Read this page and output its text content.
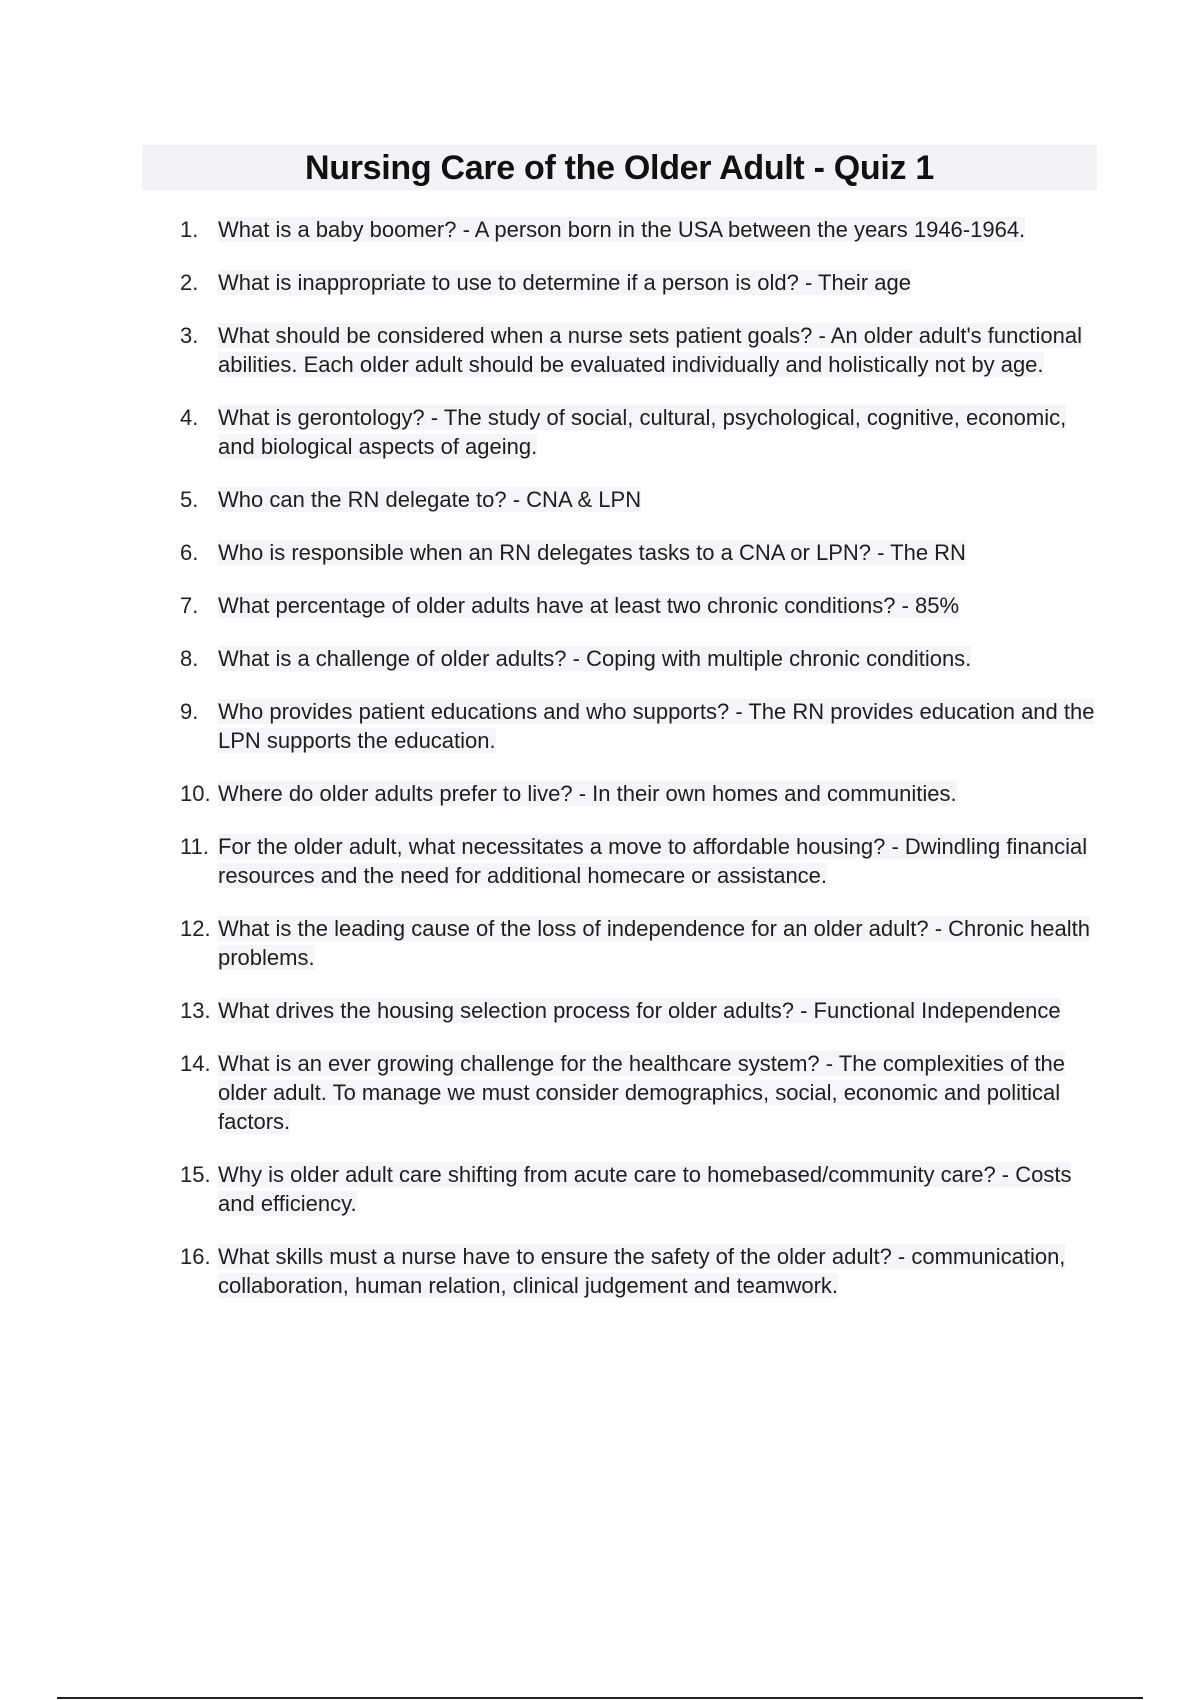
Nursing Care of the Older Adult - Quiz 1
1. What is a baby boomer? - A person born in the USA between the years 1946-1964.
2. What is inappropriate to use to determine if a person is old? - Their age
3. What should be considered when a nurse sets patient goals? - An older adult's functional abilities. Each older adult should be evaluated individually and holistically not by age.
4. What is gerontology? - The study of social, cultural, psychological, cognitive, economic, and biological aspects of ageing.
5. Who can the RN delegate to? - CNA & LPN
6. Who is responsible when an RN delegates tasks to a CNA or LPN? - The RN
7. What percentage of older adults have at least two chronic conditions? - 85%
8. What is a challenge of older adults? - Coping with multiple chronic conditions.
9. Who provides patient educations and who supports? - The RN provides education and the LPN supports the education.
10. Where do older adults prefer to live? - In their own homes and communities.
11. For the older adult, what necessitates a move to affordable housing? - Dwindling financial resources and the need for additional homecare or assistance.
12. What is the leading cause of the loss of independence for an older adult? - Chronic health problems.
13. What drives the housing selection process for older adults? - Functional Independence
14. What is an ever growing challenge for the healthcare system? - The complexities of the older adult. To manage we must consider demographics, social, economic and political factors.
15. Why is older adult care shifting from acute care to homebased/community care? - Costs and efficiency.
16. What skills must a nurse have to ensure the safety of the older adult? - communication, collaboration, human relation, clinical judgement and teamwork.
